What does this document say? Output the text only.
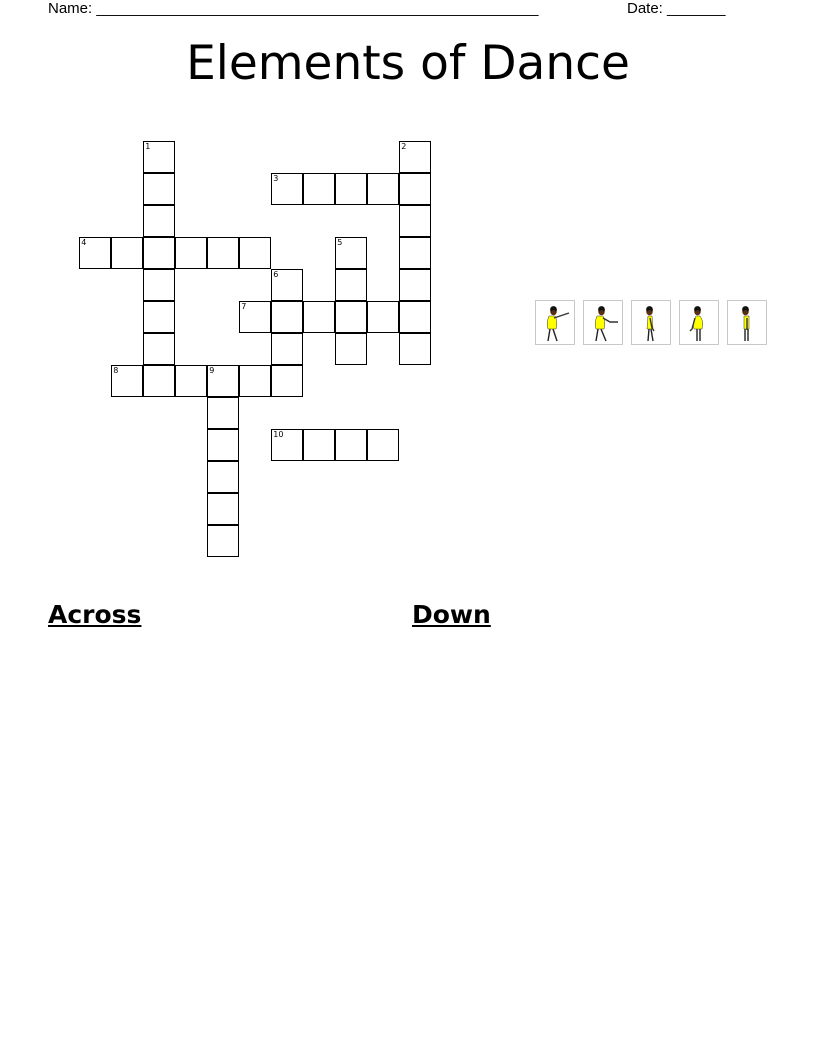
Name: _____________________________________________________	Date: _______
Elements of Dance
1	2
3
4	5
6
7
8	9
10
Across	Down
